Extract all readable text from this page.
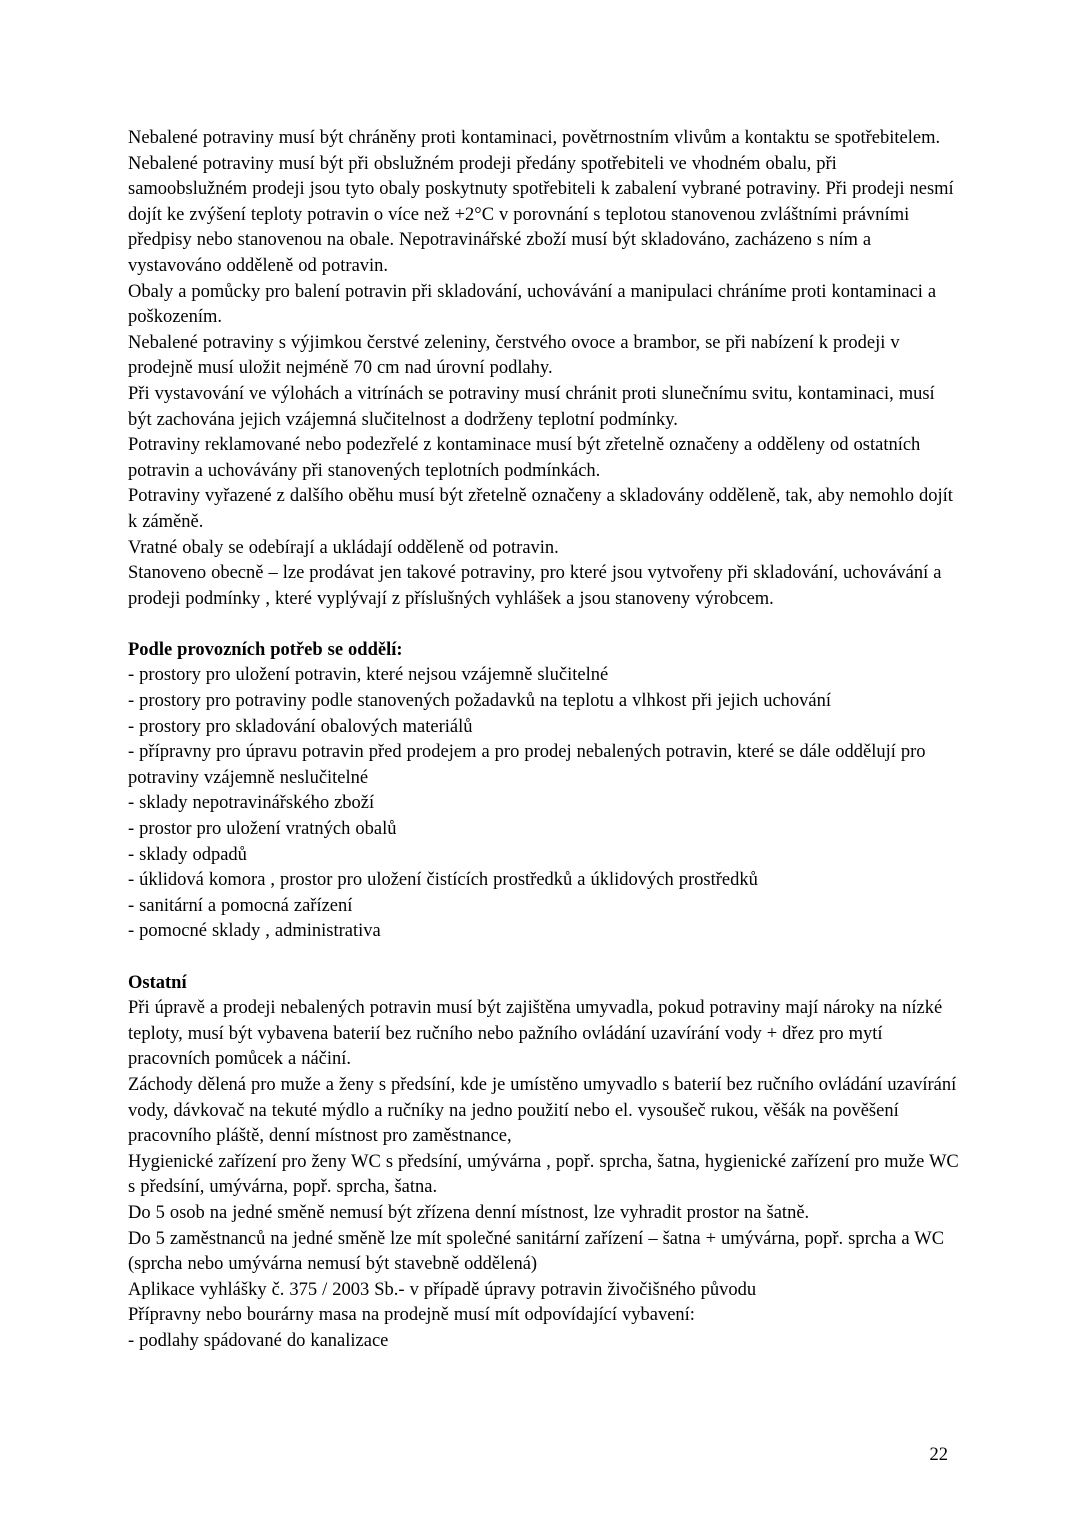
Nebalené potraviny musí být chráněny proti kontaminaci, povětrnostním vlivům a kontaktu se spotřebitelem. Nebalené potraviny musí být při obslužném prodeji předány spotřebiteli ve vhodném obalu, při samoobslužném prodeji jsou tyto obaly poskytnuty spotřebiteli k zabalení vybrané potraviny. Při prodeji nesmí dojít ke zvýšení teploty potravin o více než +2°C v porovnání s teplotou stanovenou zvláštními právními předpisy nebo stanovenou na obale. Nepotravinářské zboží musí být skladováno, zacházeno s ním a vystavováno odděleně od potravin.

Obaly a pomůcky pro balení potravin při skladování, uchovávání a manipulaci chráníme proti kontaminaci a poškozením.

Nebalené potraviny s výjimkou čerstvé zeleniny, čerstvého ovoce a brambor, se při nabízení k prodeji v prodejně musí uložit nejméně 70 cm nad úrovní podlahy.

Při vystavování ve výlohách a vitrínách se potraviny musí chránit proti slunečnímu svitu, kontaminaci, musí být zachována jejich vzájemná slučitelnost a dodrženy teplotní podmínky.

Potraviny reklamované nebo podezřelé z kontaminace musí být zřetelně označeny a odděleny od ostatních potravin a uchovávány při stanovených teplotních podmínkách.

Potraviny vyřazené z dalšího oběhu musí být zřetelně označeny a skladovány odděleně, tak, aby nemohlo dojít k záměně.

Vratné obaly se odebírají a ukládají odděleně od potravin.

Stanoveno obecně – lze prodávat jen takové potraviny, pro které jsou vytvořeny při skladování, uchovávání a prodeji podmínky , které vyplývají z příslušných vyhlášek a jsou stanoveny výrobcem.

Podle provozních potřeb se oddělí:

- prostory pro uložení potravin, které nejsou vzájemně slučitelné

- prostory pro potraviny podle stanovených požadavků na teplotu a vlhkost při jejich uchování

- prostory pro skladování obalových materiálů

- přípravny pro úpravu potravin před prodejem a pro prodej nebalených potravin, které se dále oddělují pro potraviny vzájemně neslučitelné

- sklady nepotravinářského zboží

- prostor pro uložení vratných obalů

- sklady odpadů

- úklidová komora , prostor pro uložení čistících prostředků a úklidových prostředků

- sanitární a pomocná zařízení

- pomocné sklady , administrativa

Ostatní

Při úpravě a prodeji nebalených potravin musí být zajištěna umyvadla, pokud potraviny mají nároky na nízké teploty, musí být vybavena baterií bez ručního nebo pažního ovládání uzavírání vody + dřez pro mytí pracovních pomůcek a náčiní.

Záchody dělená pro muže a ženy s předsíní, kde je umístěno umyvadlo s baterií bez ručního ovládání uzavírání vody, dávkovač na tekuté mýdlo a ručníky na jedno použití nebo el. vysoušeč rukou, věšák na pověšení pracovního pláště, denní místnost pro zaměstnance,

Hygienické zařízení pro ženy WC s předsíní, umývárna , popř. sprcha, šatna, hygienické zařízení pro muže WC s předsíní, umývárna, popř. sprcha, šatna.

Do 5 osob na jedné směně nemusí být zřízena denní místnost, lze vyhradit prostor na šatně.

Do 5 zaměstnanců na jedné směně lze mít společné sanitární zařízení – šatna + umývárna, popř. sprcha a WC (sprcha nebo umývárna nemusí být stavebně oddělená)

Aplikace vyhlášky č. 375 / 2003 Sb.- v případě úpravy potravin živočišného původu

Přípravny nebo bourárny masa na prodejně musí mít odpovídající vybavení:

- podlahy spádované do kanalizace

22
